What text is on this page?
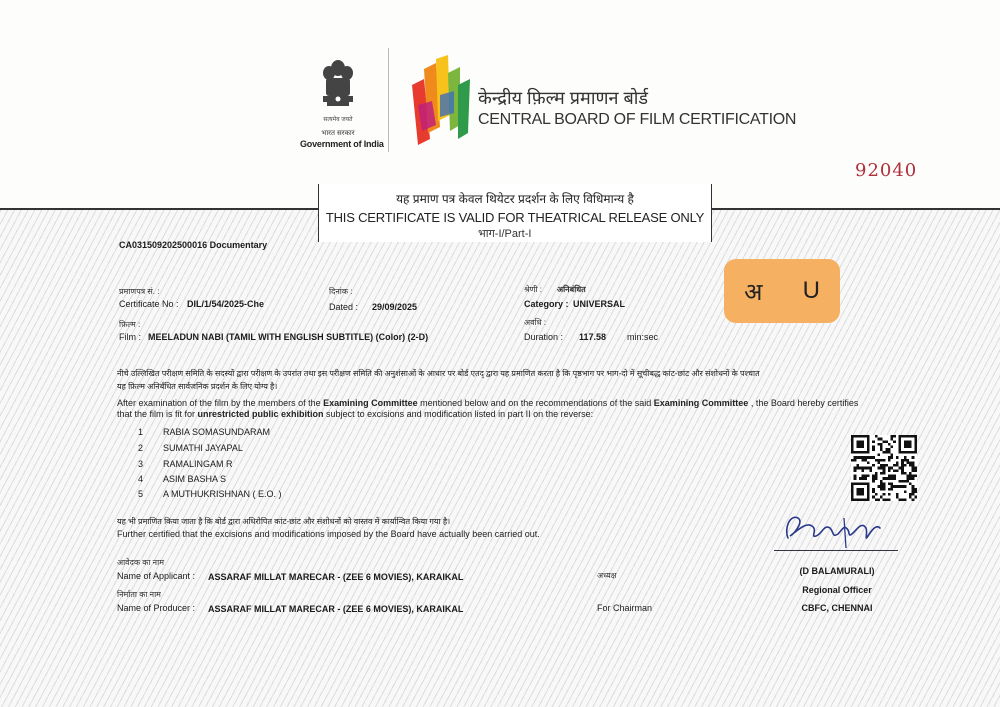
सत्यमेव जयते
भारत सरकार
Government of India
केन्द्रीय फ़िल्म प्रमाणन बोर्ड
CENTRAL BOARD OF FILM CERTIFICATION
92040
यह प्रमाण पत्र केवल थियेटर प्रदर्शन के लिए विधिमान्य है
THIS CERTIFICATE IS VALID FOR THEATRICAL RELEASE ONLY
भाग-I/Part-I
CA031509202500016 Documentary
प्रमाणपत्र सं. :
Certificate No : DIL/1/54/2025-Che
दिनांक :
Dated : 29/09/2025
श्रेणी : अनिबंधित
Category : UNIVERSAL
फ़िल्म :
Film : MEELADUN NABI (TAMIL WITH ENGLISH SUBTITLE) (Color) (2-D)
अवधि :
Duration : 117.58 min:sec
अ U
नीचे उल्लिखित परीक्षण समिति के सदस्यों द्वारा परीक्षण के उपरांत तथा इस परीक्षण समिति की अनुशंसाओं के आधार पर बोर्ड एतद् द्वारा यह प्रमाणित करता है कि पृष्ठभाग पर भाग-दो में सूचीबद्ध कांट-छांट और संशोधनों के पश्चात
यह फ़िल्म अनिर्बंधित सार्वजनिक प्रदर्शन के लिए योग्य है।
After examination of the film by the members of the Examining Committee mentioned below and on the recommendations of the said Examining Committee , the Board hereby certifies
that the film is fit for unrestricted public exhibition subject to excisions and modification listed in part II on the reverse:
1 RABIA SOMASUNDARAM
2 SUMATHI JAYAPAL
3 RAMALINGAM R
4 ASIM BASHA S
5 A MUTHUKRISHNAN ( E.O. )
यह भी प्रमाणित किया जाता है कि बोर्ड द्वारा अधिरोपित कांट-छांट और संशोधनों को वास्तव में कार्यान्वित किया गया है।
Further certified that the excisions and modifications imposed by the Board have actually been carried out.
आवेदक का नाम
Name of Applicant : ASSARAF MILLAT MARECAR - (ZEE 6 MOVIES), KARAIKAL
निर्माता का नाम
Name of Producer : ASSARAF MILLAT MARECAR - (ZEE 6 MOVIES), KARAIKAL
अध्यक्ष
For Chairman
(D BALAMURALI)
Regional Officer
CBFC, CHENNAI
